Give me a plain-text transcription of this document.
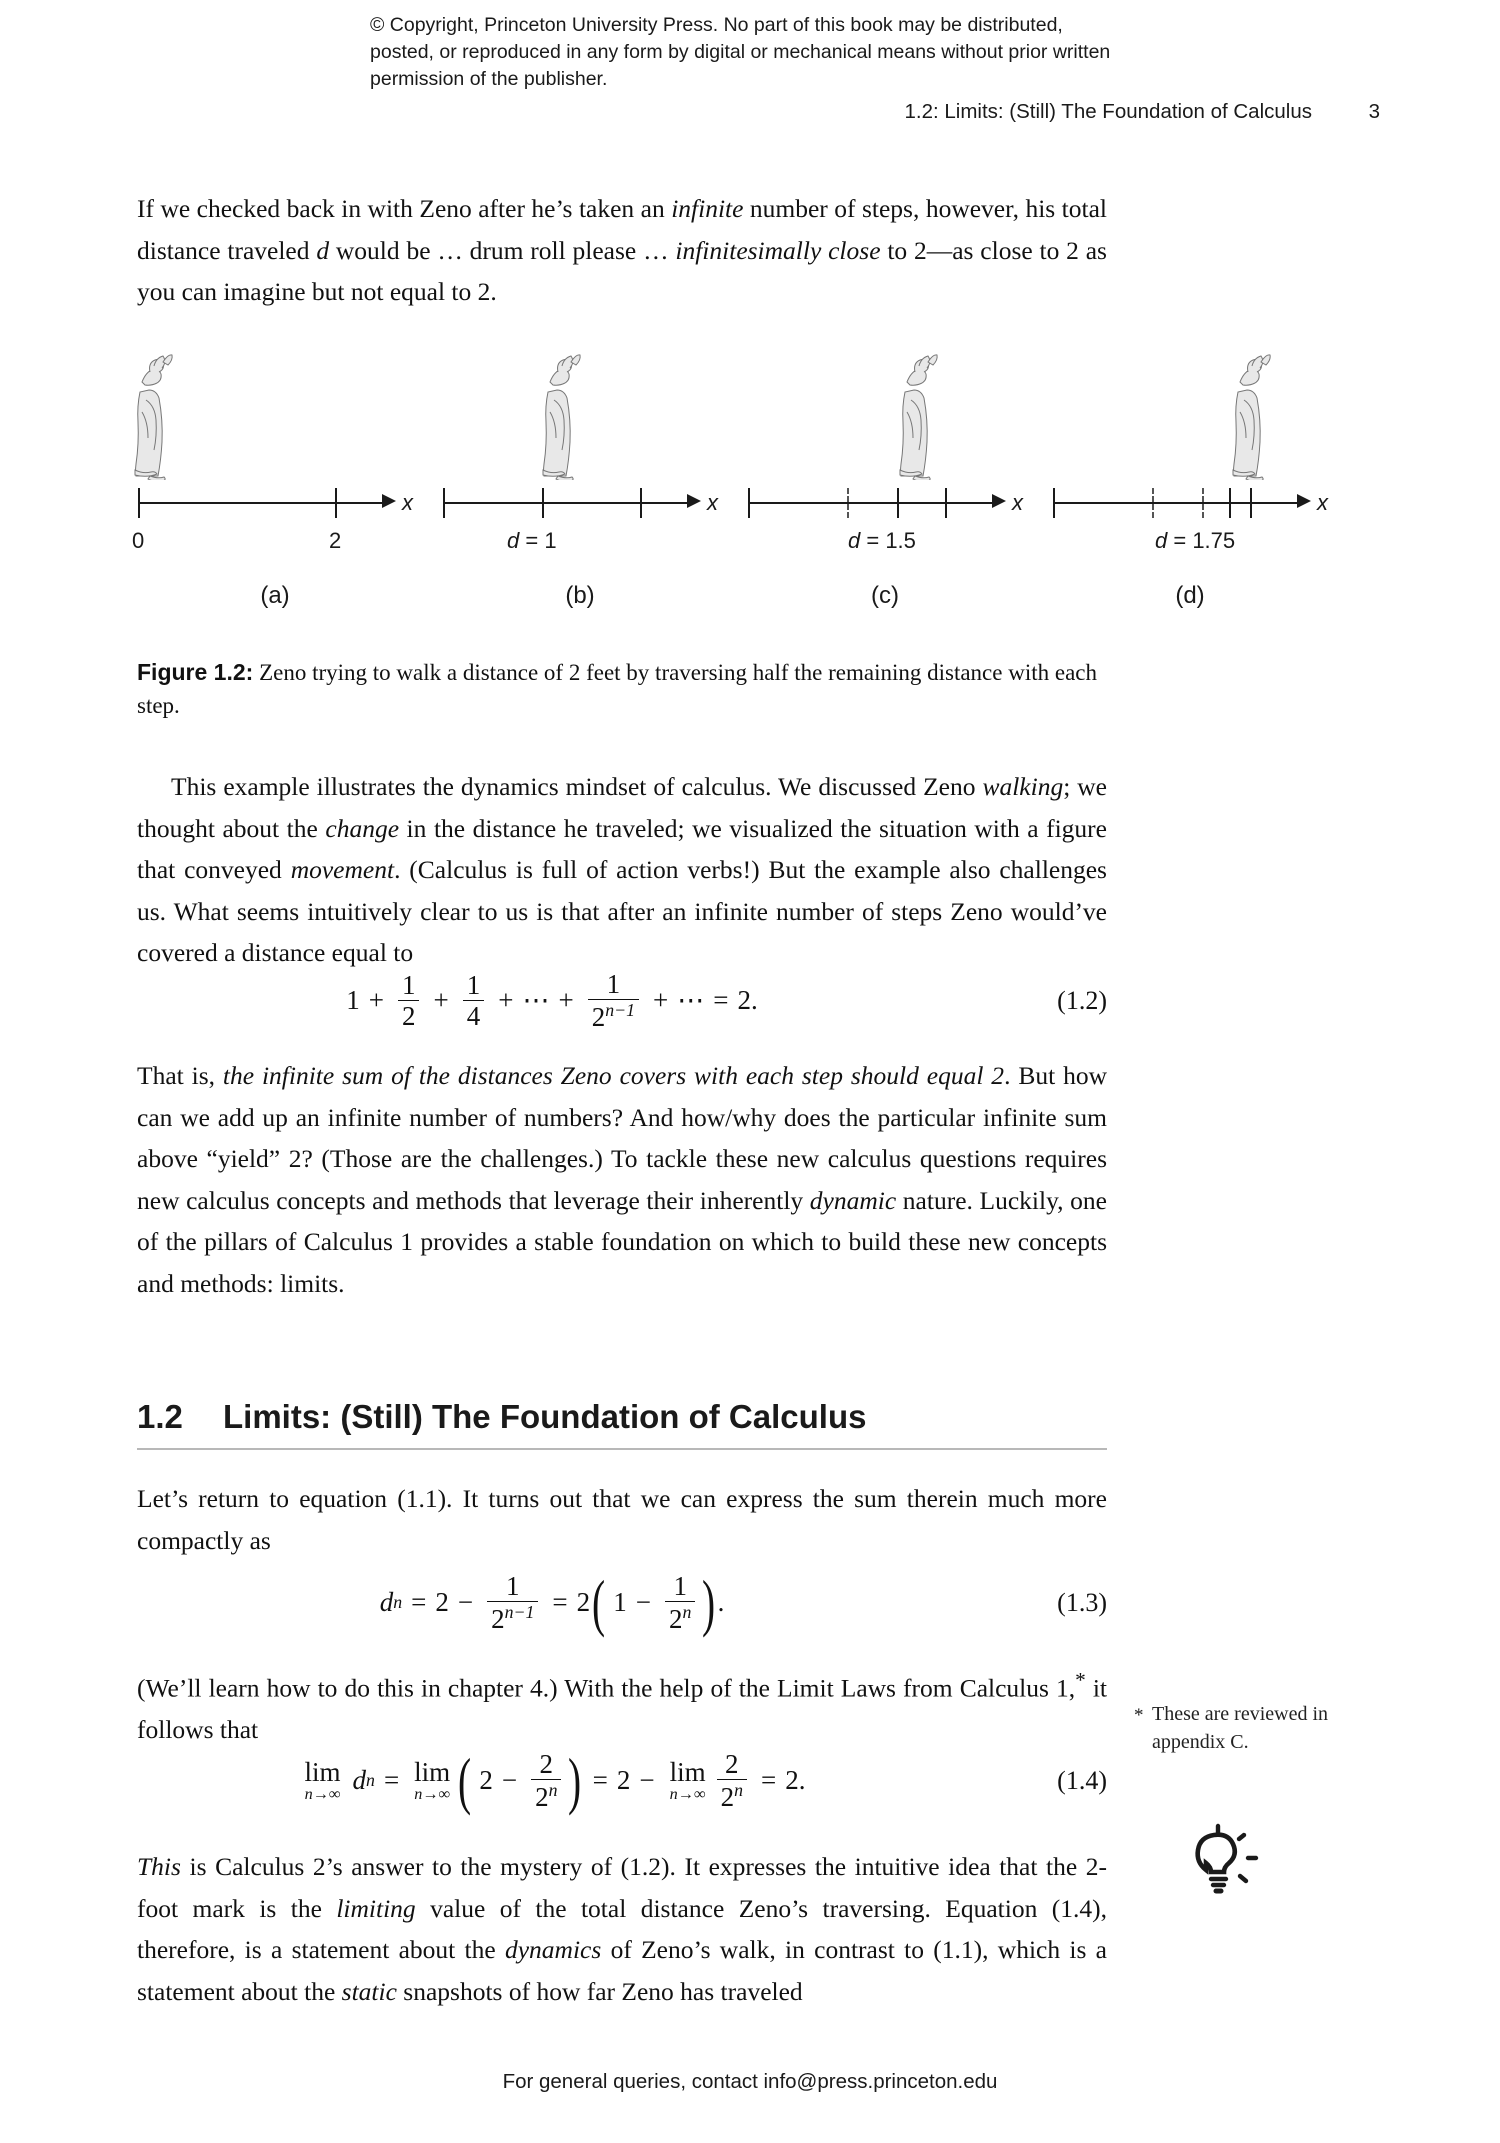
© Copyright, Princeton University Press. No part of this book may be distributed, posted, or reproduced in any form by digital or mechanical means without prior written permission of the publisher.
1.2: Limits: (Still) The Foundation of Calculus	3
If we checked back in with Zeno after he’s taken an infinite number of steps, however, his total distance traveled d would be … drum roll please … infinitesimally close to 2—as close to 2 as you can imagine but not equal to 2.
x
0	2
(a)
x
d = 1
(b)
x
d = 1.5
(c)
x
d = 1.75
(d)
Figure 1.2: Zeno trying to walk a distance of 2 feet by traversing half the remaining distance with each step.
This example illustrates the dynamics mindset of calculus. We discussed Zeno walking; we thought about the change in the distance he traveled; we visualized the situation with a figure that conveyed movement. (Calculus is full of action verbs!) But the example also challenges us. What seems intuitively clear to us is that after an infinite number of steps Zeno would’ve covered a distance equal to
$1 + \frac{1}{2} + \frac{1}{4}$ + ⋯ + $\frac{1}{2^{n-1}}$ + ⋯ = 2.	(1.2)
That is, the infinite sum of the distances Zeno covers with each step should equal 2. But how can we add up an infinite number of numbers? And how/why does the particular infinite sum above “yield” 2? (Those are the challenges.) To tackle these new calculus questions requires new calculus concepts and methods that leverage their inherently dynamic nature. Luckily, one of the pillars of Calculus 1 provides a stable foundation on which to build these new concepts and methods: limits.
1.2	Limits: (Still) The Foundation of Calculus
Let’s return to equation (1.1). It turns out that we can express the sum therein much more compactly as
d $n = 2 - \frac{1}{2^{n-1}} = 2$ ( $1 - \frac{1}{2^n}$ ) .	(1.3)
(We’ll learn how to do this in chapter 4.) With the help of the Limit Laws from Calculus 1,* it follows that	* These are reviewed in appendix C.
lim
n→∞ d n = lim
n→∞ ( $2 - \frac{2}{2^n}$ ) = 2 − lim
$n\to\infty \frac{2}{2^n} = 2$.	(1.4)
This is Calculus 2’s answer to the mystery of (1.2). It expresses the intuitive idea that the 2-foot mark is the limiting value of the total distance Zeno’s traversing. Equation (1.4), therefore, is a statement about the dynamics of Zeno’s walk, in contrast to (1.1), which is a statement about the static snapshots of how far Zeno has traveled
For general queries, contact info@press.princeton.edu
